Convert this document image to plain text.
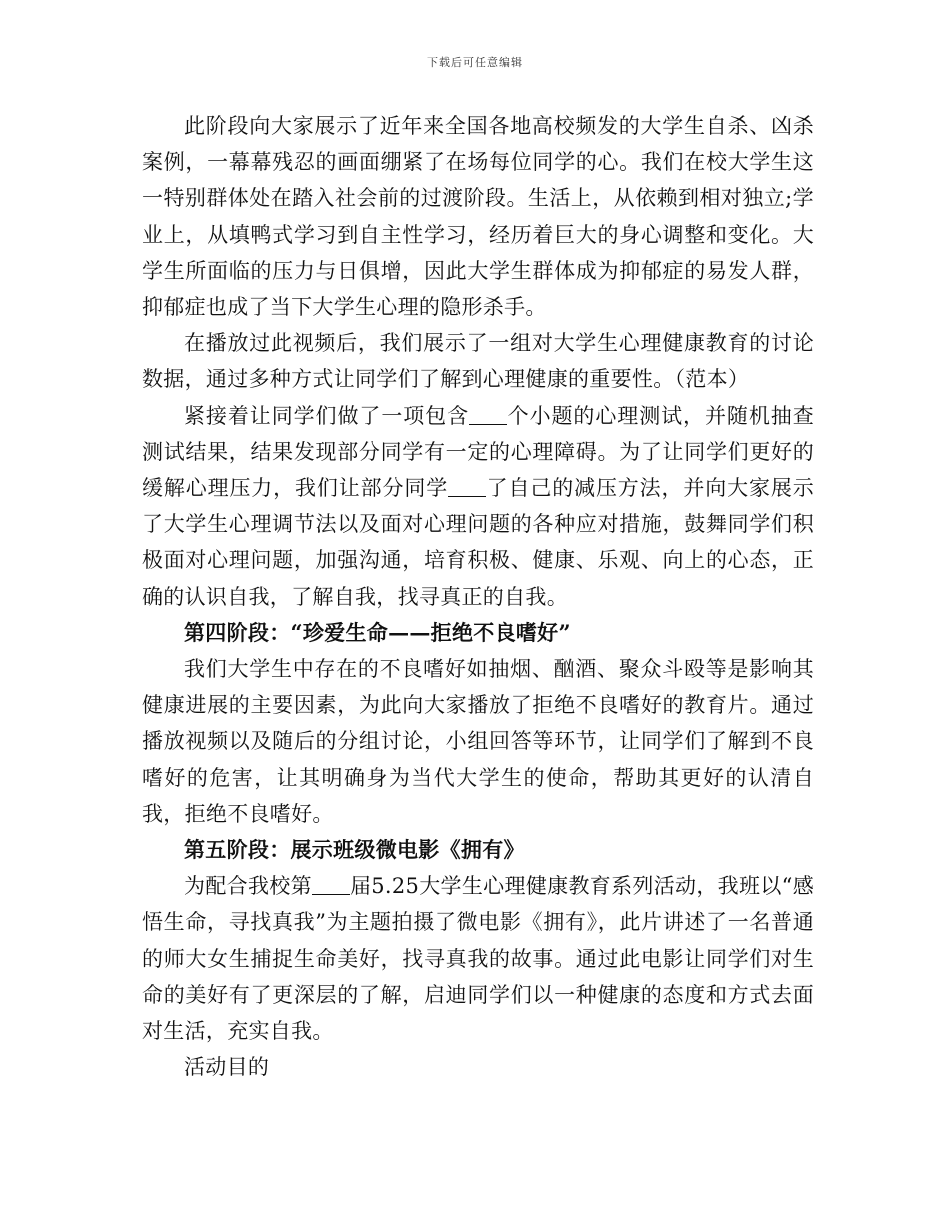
下载后可任意编辑

此阶段向大家展示了近年来全国各地高校频发的大学生自杀、凶杀案例，一幕幕残忍的画面绷紧了在场每位同学的心。我们在校大学生这一特别群体处在踏入社会前的过渡阶段。生活上，从依赖到相对独立;学业上，从填鸭式学习到自主性学习，经历着巨大的身心调整和变化。大学生所面临的压力与日俱增，因此大学生群体成为抑郁症的易发人群，抑郁症也成了当下大学生心理的隐形杀手。

在播放过此视频后，我们展示了一组对大学生心理健康教育的讨论数据，通过多种方式让同学们了解到心理健康的重要性。（范本）

紧接着让同学们做了一项包含 个小题的心理测试，并随机抽查测试结果，结果发现部分同学有一定的心理障碍。为了让同学们更好的缓解心理压力，我们让部分同学 了自己的减压方法，并向大家展示了大学生心理调节法以及面对心理问题的各种应对措施，鼓舞同学们积极面对心理问题，加强沟通，培育积极、健康、乐观、向上的心态，正确的认识自我，了解自我，找寻真正的自我。

第四阶段：“珍爱生命——拒绝不良嗜好”

我们大学生中存在的不良嗜好如抽烟、酗酒、聚众斗殴等是影响其健康进展的主要因素，为此向大家播放了拒绝不良嗜好的教育片。通过播放视频以及随后的分组讨论，小组回答等环节，让同学们了解到不良嗜好的危害，让其明确身为当代大学生的使命，帮助其更好的认清自我，拒绝不良嗜好。

第五阶段：展示班级微电影《拥有》

为配合我校第 届5.25大学生心理健康教育系列活动，我班以“感悟生命，寻找真我”为主题拍摄了微电影《拥有》，此片讲述了一名普通的师大女生捕捉生命美好，找寻真我的故事。通过此电影让同学们对生命的美好有了更深层的了解，启迪同学们以一种健康的态度和方式去面对生活，充实自我。

活动目的
